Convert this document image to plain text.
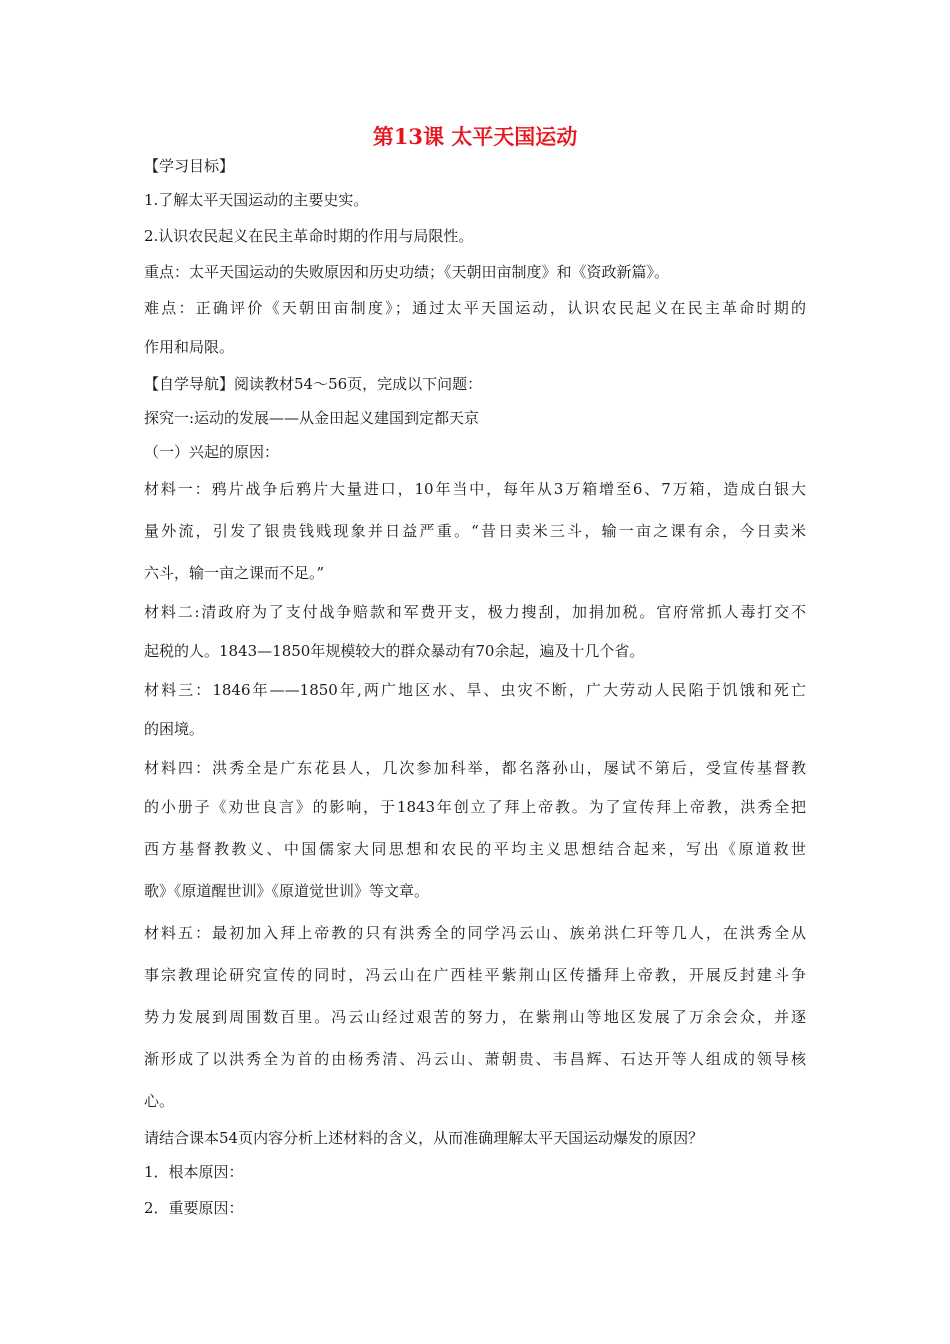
第13课 太平天国运动
【学习目标】
1.了解太平天国运动的主要史实。
2.认识农民起义在民主革命时期的作用与局限性。
重点：太平天国运动的失败原因和历史功绩；《天朝田亩制度》和《资政新篇》。
难点：正确评价《天朝田亩制度》；通过太平天国运动，认识农民起义在民主革命时期的
作用和局限。
【自学导航】阅读教材54～56页，完成以下问题：
探究一:运动的发展——从金田起义建国到定都天京
（一）兴起的原因：
材料一：鸦片战争后鸦片大量进口，10年当中，每年从3万箱增至6、7万箱，造成白银大
量外流，引发了银贵钱贱现象并日益严重。“昔日卖米三斗，输一亩之课有余，今日卖米
六斗，输一亩之课而不足。”
材料二:清政府为了支付战争赔款和军费开支，极力搜刮，加捐加税。官府常抓人毒打交不
起税的人。1843—1850年规模较大的群众暴动有70余起，遍及十几个省。
材料三：1846年——1850年,两广地区水、旱、虫灾不断，广大劳动人民陷于饥饿和死亡
的困境。
材料四：洪秀全是广东花县人，几次参加科举，都名落孙山，屡试不第后，受宣传基督教
的小册子《劝世良言》的影响，于1843年创立了拜上帝教。为了宣传拜上帝教，洪秀全把
西方基督教教义、中国儒家大同思想和农民的平均主义思想结合起来，写出《原道救世
歌》《原道醒世训》《原道觉世训》等文章。
材料五：最初加入拜上帝教的只有洪秀全的同学冯云山、族弟洪仁玕等几人，在洪秀全从
事宗教理论研究宣传的同时，冯云山在广西桂平紫荆山区传播拜上帝教，开展反封建斗争
势力发展到周围数百里。冯云山经过艰苦的努力，在紫荆山等地区发展了万余会众，并逐
渐形成了以洪秀全为首的由杨秀清、冯云山、萧朝贵、韦昌辉、石达开等人组成的领导核
心。
请结合课本54页内容分析上述材料的含义，从而准确理解太平天国运动爆发的原因？
1．根本原因：
2．重要原因：
